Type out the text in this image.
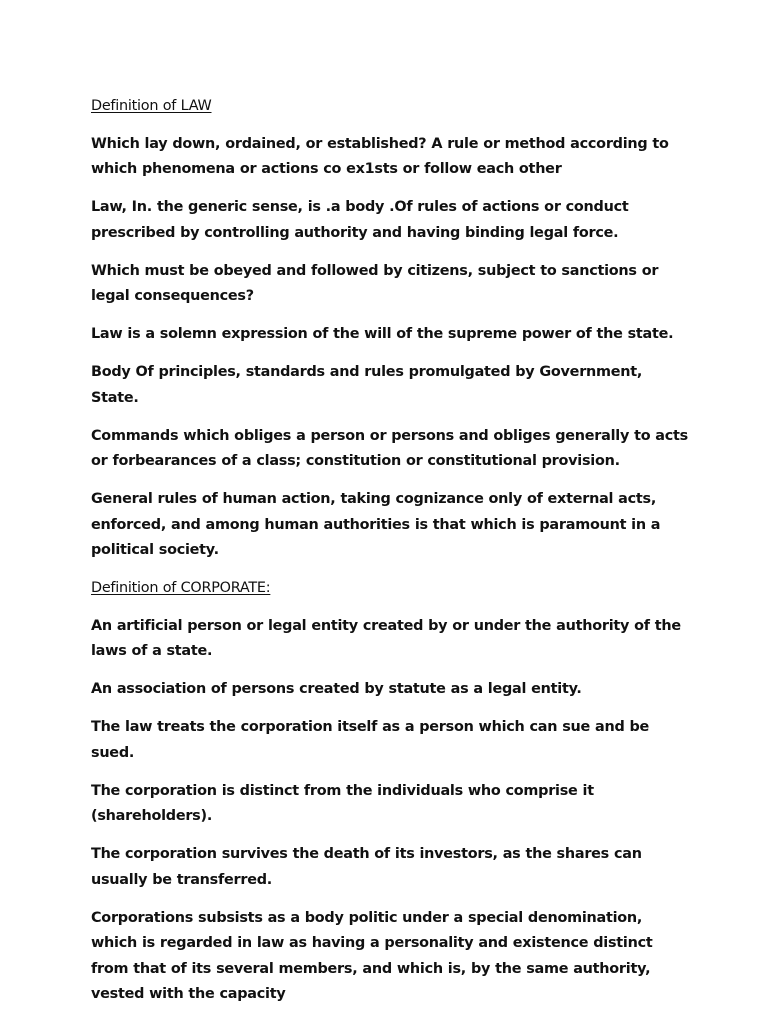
Definition of LAW

Which lay down, ordained, or established? A rule or method according to which phenomena or actions co ex1sts or follow each other

Law, In. the generic sense, is .a body .Of rules of actions or conduct prescribed by controlling authority and having binding legal force.

Which must be obeyed and followed by citizens, subject to sanctions or legal consequences?

Law is a solemn expression of the will of the supreme power of the state.

Body Of principles, standards and rules promulgated by Government, State.

Commands which obliges a person or persons and obliges generally to acts or forbearances of a class; constitution or constitutional provision.

General rules of human action, taking cognizance only of external acts, enforced, and among human authorities is that which is paramount in a political society.

Definition of CORPORATE:

An artificial person or legal entity created by or under the authority of the laws of a state.

An association of persons created by statute as a legal entity.

The law treats the corporation itself as a person which can sue and be sued.

The corporation is distinct from the individuals who comprise it (shareholders).

The corporation survives the death of its investors, as the shares can usually be transferred.

Corporations subsists as a body politic under a special denomination, which is regarded in law as having a personality and existence distinct from that of its several members, and which is, by the same authority, vested with the capacity
